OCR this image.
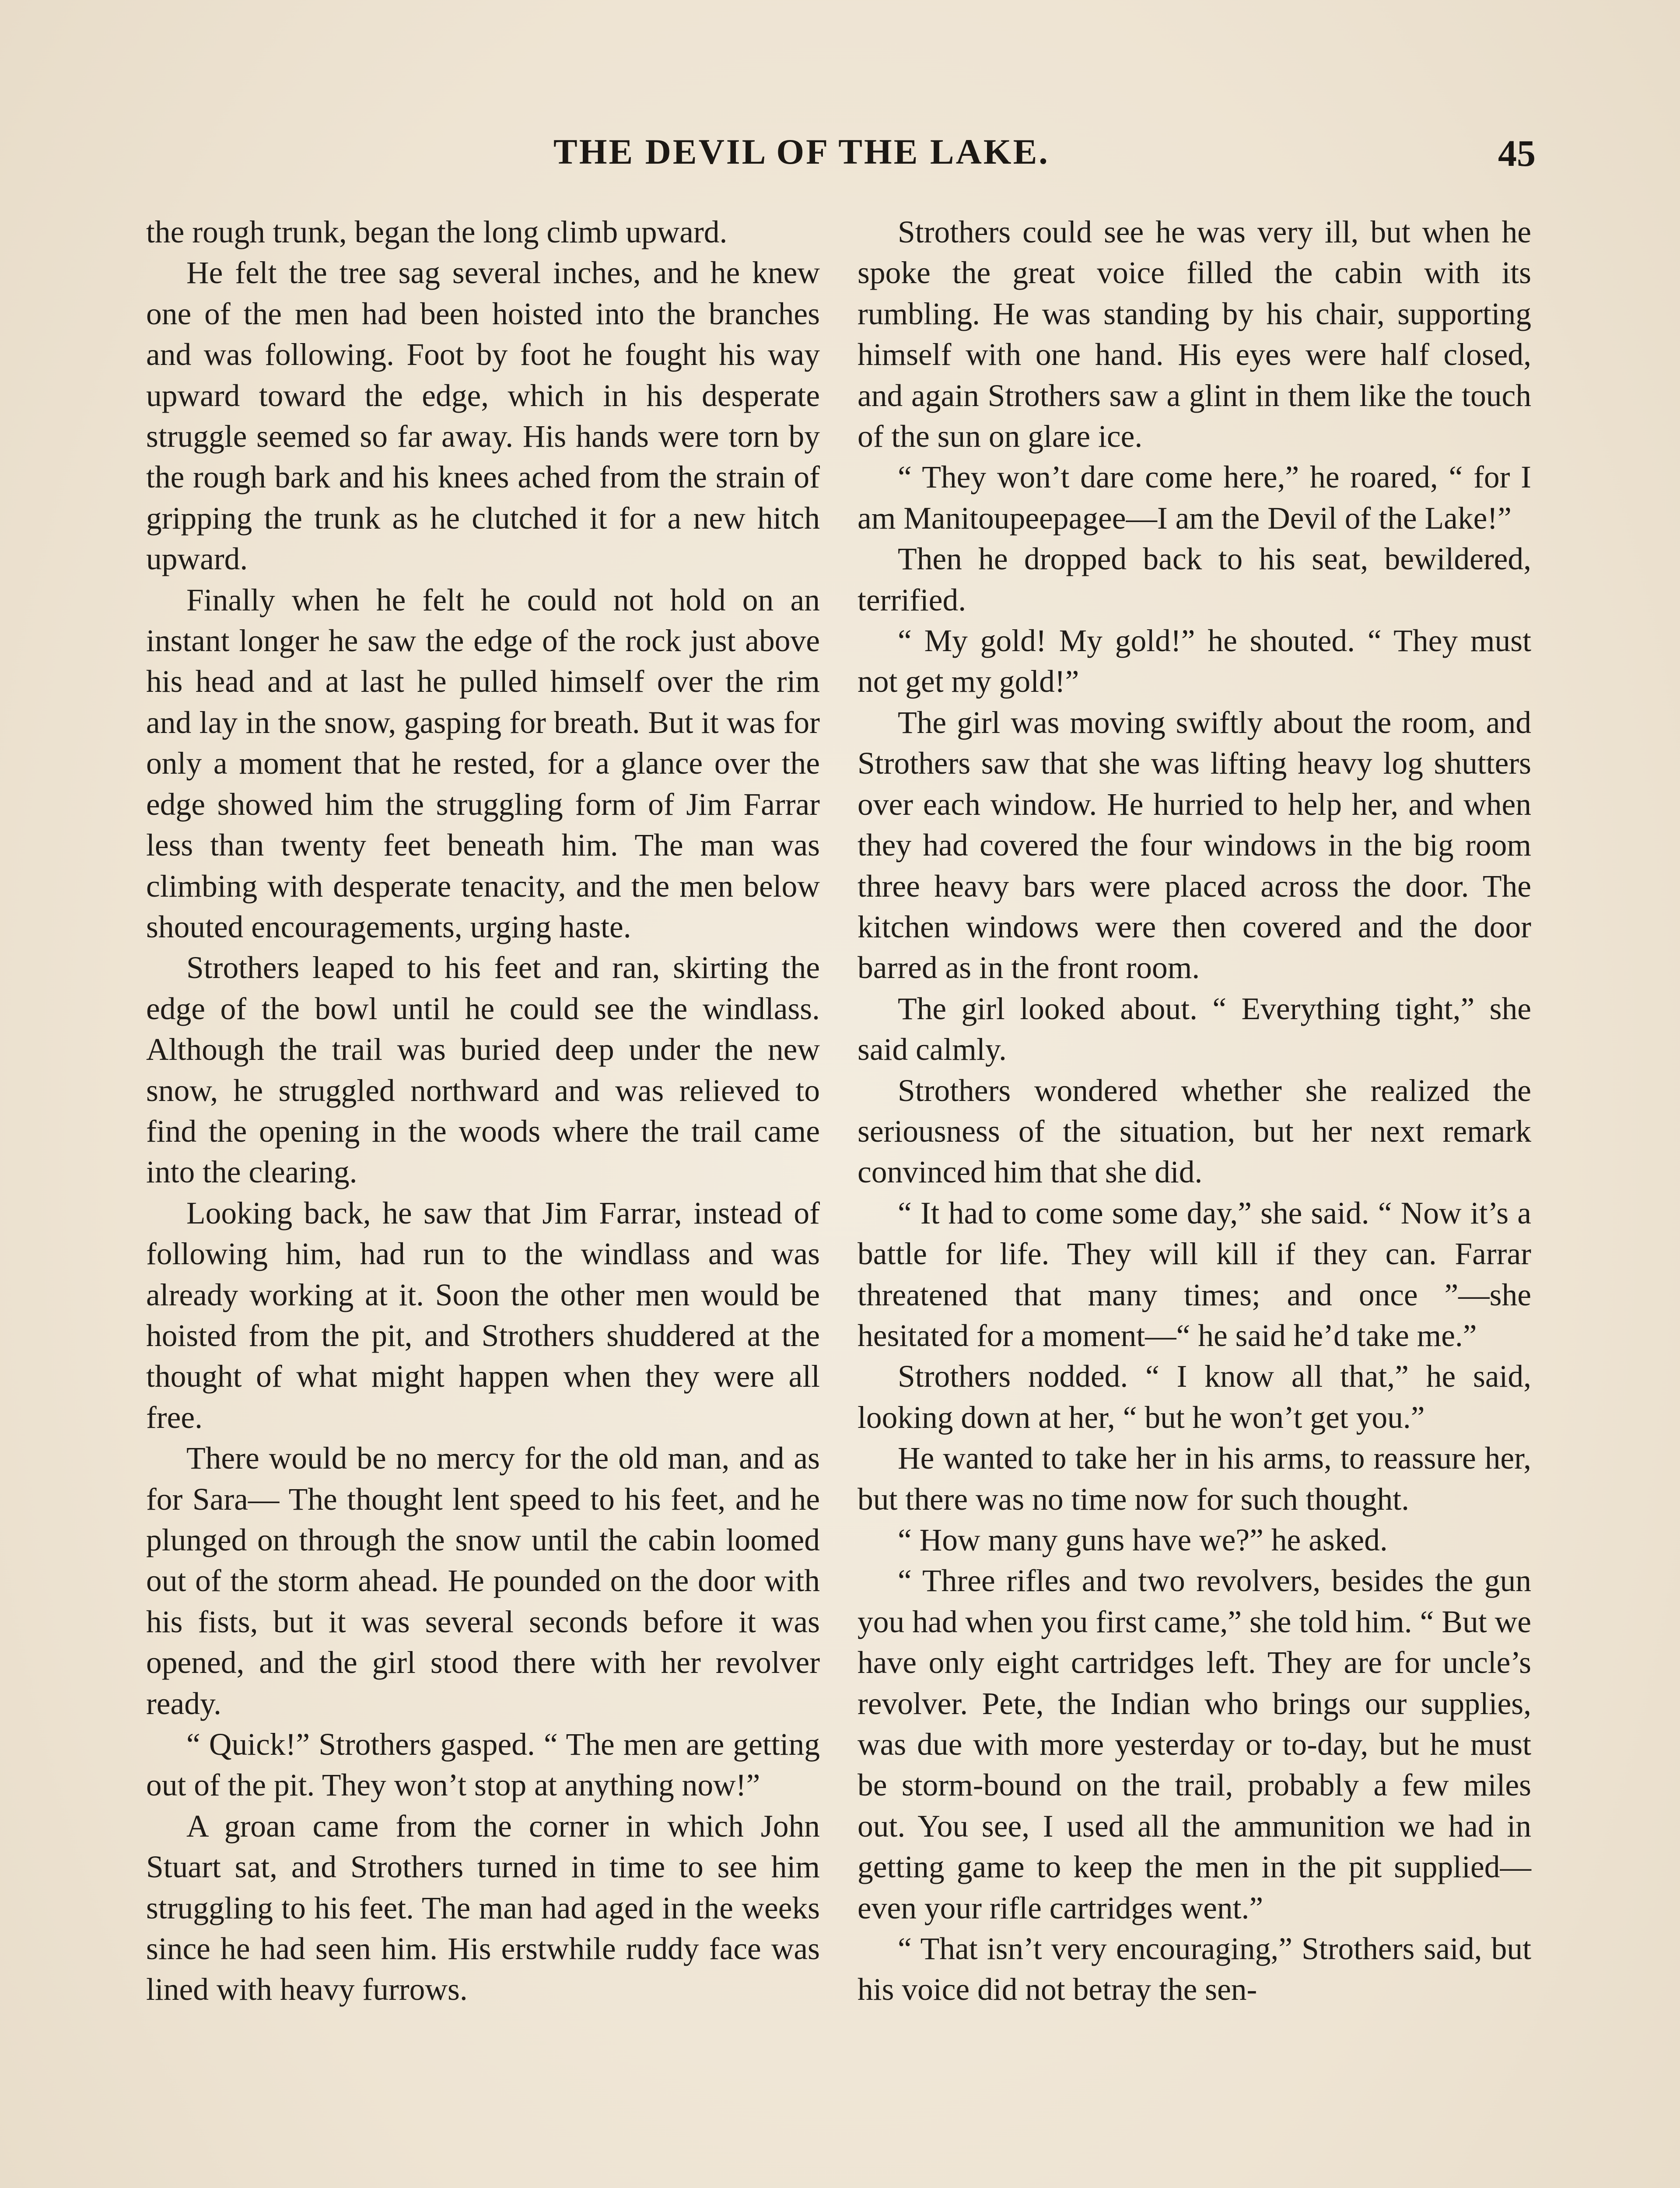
THE DEVIL OF THE LAKE.	45

the rough trunk, began the long climb upward.

He felt the tree sag several inches, and he knew one of the men had been hoisted into the branches and was following. Foot by foot he fought his way upward toward the edge, which in his desperate struggle seemed so far away. His hands were torn by the rough bark and his knees ached from the strain of gripping the trunk as he clutched it for a new hitch upward.

Finally when he felt he could not hold on an instant longer he saw the edge of the rock just above his head and at last he pulled himself over the rim and lay in the snow, gasping for breath. But it was for only a moment that he rested, for a glance over the edge showed him the struggling form of Jim Farrar less than twenty feet beneath him. The man was climbing with desperate tenacity, and the men below shouted encouragements, urging haste.

Strothers leaped to his feet and ran, skirting the edge of the bowl until he could see the windlass. Although the trail was buried deep under the new snow, he struggled northward and was relieved to find the opening in the woods where the trail came into the clearing.

Looking back, he saw that Jim Farrar, instead of following him, had run to the windlass and was already working at it. Soon the other men would be hoisted from the pit, and Strothers shuddered at the thought of what might happen when they were all free.

There would be no mercy for the old man, and as for Sara— The thought lent speed to his feet, and he plunged on through the snow until the cabin loomed out of the storm ahead. He pounded on the door with his fists, but it was several seconds before it was opened, and the girl stood there with her revolver ready.

“ Quick!” Strothers gasped. “ The men are getting out of the pit. They won’t stop at anything now!”

A groan came from the corner in which John Stuart sat, and Strothers turned in time to see him struggling to his feet. The man had aged in the weeks since he had seen him. His erstwhile ruddy face was lined with heavy furrows.

Strothers could see he was very ill, but when he spoke the great voice filled the cabin with its rumbling. He was standing by his chair, supporting himself with one hand. His eyes were half closed, and again Strothers saw a glint in them like the touch of the sun on glare ice.

“ They won’t dare come here,” he roared, “ for I am Manitoupeepagee—I am the Devil of the Lake!”

Then he dropped back to his seat, bewildered, terrified.

“ My gold! My gold!” he shouted. “ They must not get my gold!”

The girl was moving swiftly about the room, and Strothers saw that she was lifting heavy log shutters over each window. He hurried to help her, and when they had covered the four windows in the big room three heavy bars were placed across the door. The kitchen windows were then covered and the door barred as in the front room.

The girl looked about. “ Everything tight,” she said calmly.

Strothers wondered whether she realized the seriousness of the situation, but her next remark convinced him that she did.

“ It had to come some day,” she said. “ Now it’s a battle for life. They will kill if they can. Farrar threatened that many times; and once ”—she hesitated for a moment—“ he said he’d take me.”

Strothers nodded. “ I know all that,” he said, looking down at her, “ but he won’t get you.”

He wanted to take her in his arms, to reassure her, but there was no time now for such thought.

“ How many guns have we?” he asked.

“ Three rifles and two revolvers, besides the gun you had when you first came,” she told him. “ But we have only eight cartridges left. They are for uncle’s revolver. Pete, the Indian who brings our supplies, was due with more yesterday or to-day, but he must be storm-bound on the trail, probably a few miles out. You see, I used all the ammunition we had in getting game to keep the men in the pit supplied—even your rifle cartridges went.”

“ That isn’t very encouraging,” Strothers said, but his voice did not betray the sen-
